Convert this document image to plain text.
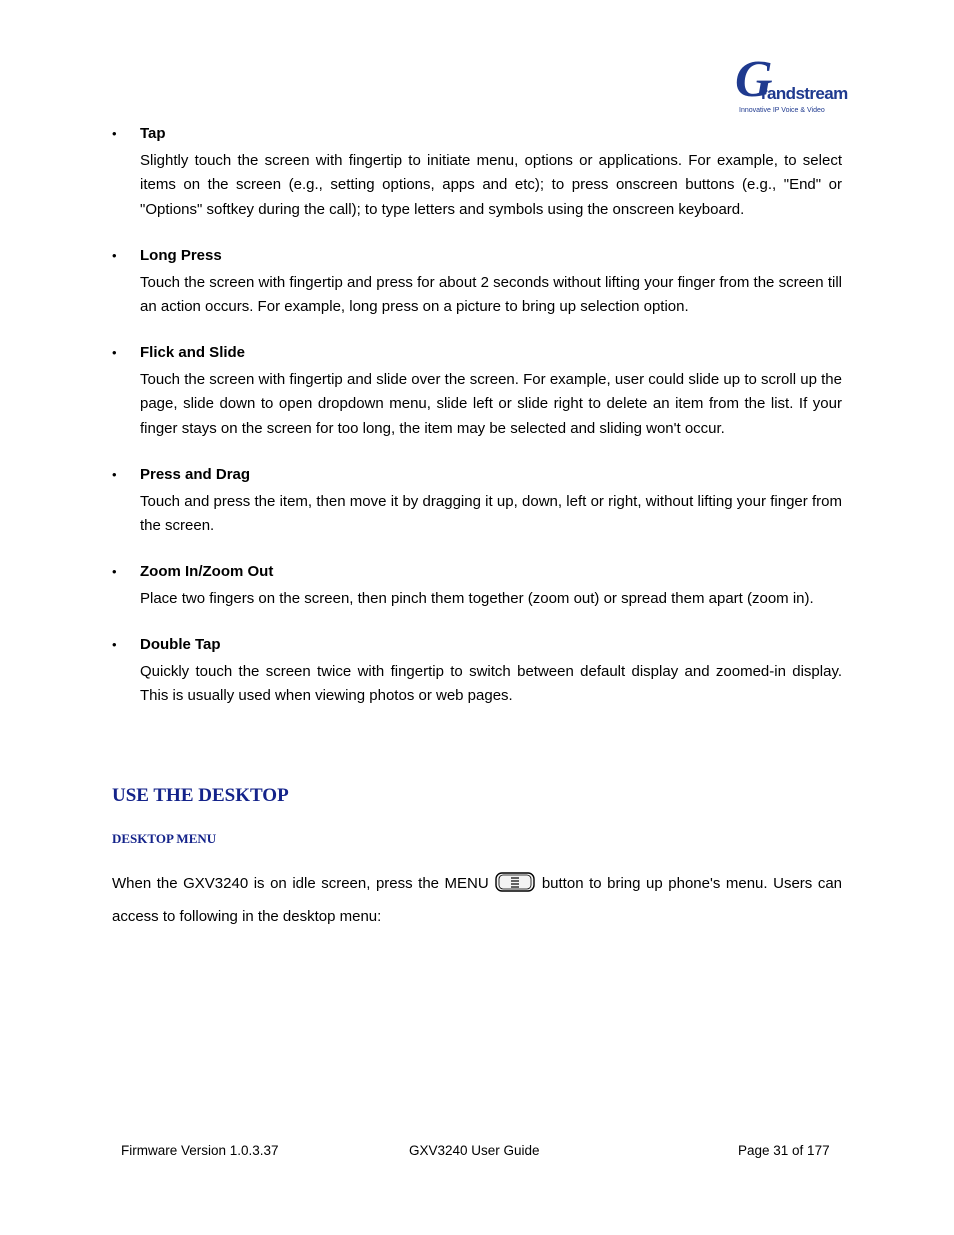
G
randstream
Innovative IP Voice & Video
• Tap

Slightly touch the screen with fingertip to initiate menu, options or applications. For example, to select items on the screen (e.g., setting options, apps and etc); to press onscreen buttons (e.g., "End" or "Options" softkey during the call); to type letters and symbols using the onscreen keyboard.

• Long Press

Touch the screen with fingertip and press for about 2 seconds without lifting your finger from the screen till an action occurs. For example, long press on a picture to bring up selection option.

• Flick and Slide

Touch the screen with fingertip and slide over the screen. For example, user could slide up to scroll up the page, slide down to open dropdown menu, slide left or slide right to delete an item from the list. If your finger stays on the screen for too long, the item may be selected and sliding won't occur.

• Press and Drag

Touch and press the item, then move it by dragging it up, down, left or right, without lifting your finger from the screen.

• Zoom In/Zoom Out

Place two fingers on the screen, then pinch them together (zoom out) or spread them apart (zoom in).

• Double Tap

Quickly touch the screen twice with fingertip to switch between default display and zoomed-in display. This is usually used when viewing photos or web pages.

USE THE DESKTOP
DESKTOP MENU

When the GXV3240 is on idle screen, press the MENU	button to bring up phone's menu. Users can access to following in the desktop menu:

Firmware Version 1.0.3.37	GXV3240 User Guide	Page 31 of 177
